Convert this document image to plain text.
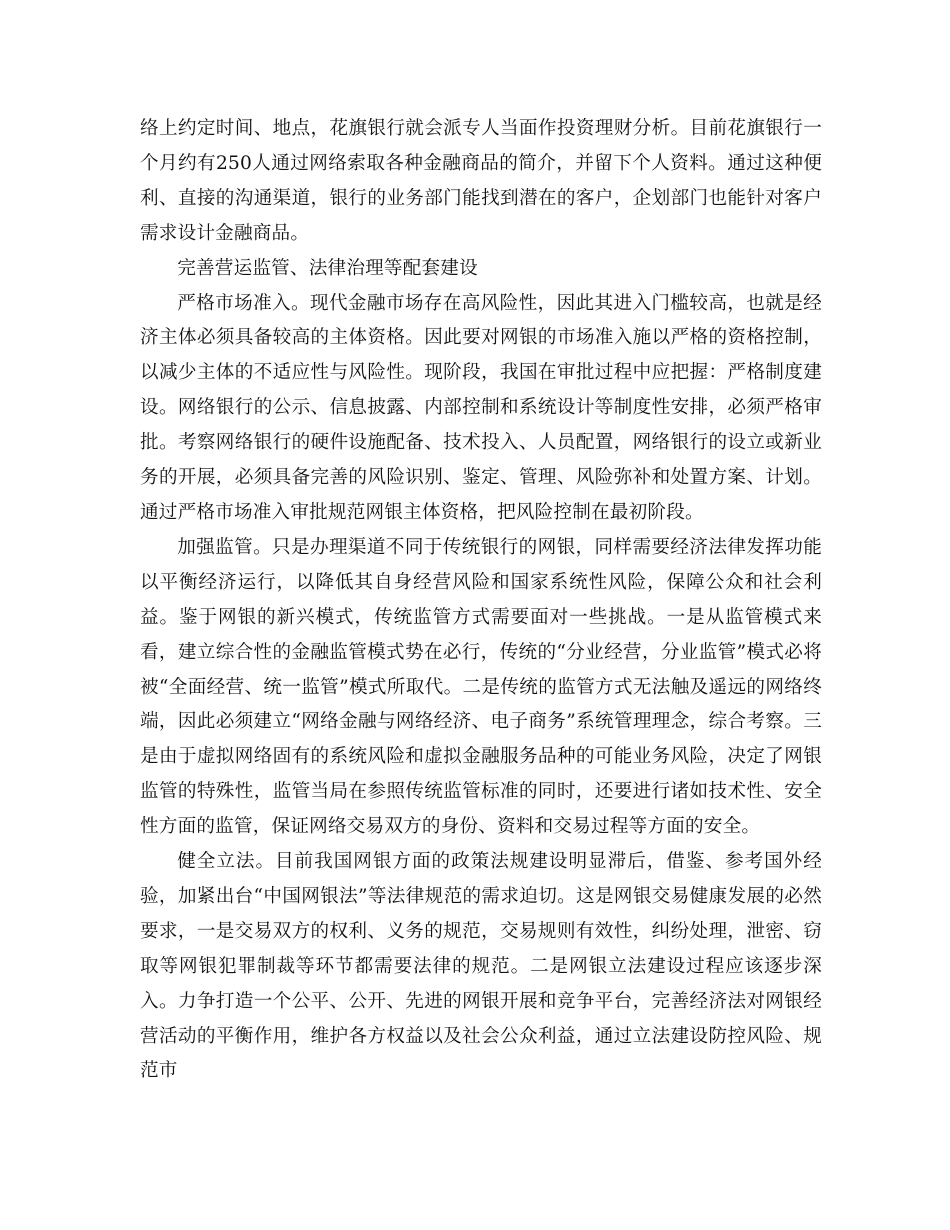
络上约定时间、地点，花旗银行就会派专人当面作投资理财分析。目前花旗银行一个月约有250人通过网络索取各种金融商品的简介，并留下个人资料。通过这种便利、直接的沟通渠道，银行的业务部门能找到潜在的客户，企划部门也能针对客户需求设计金融商品。

完善营运监管、法律治理等配套建设

严格市场准入。现代金融市场存在高风险性，因此其进入门槛较高，也就是经济主体必须具备较高的主体资格。因此要对网银的市场准入施以严格的资格控制，以减少主体的不适应性与风险性。现阶段，我国在审批过程中应把握：严格制度建设。网络银行的公示、信息披露、内部控制和系统设计等制度性安排，必须严格审批。考察网络银行的硬件设施配备、技术投入、人员配置，网络银行的设立或新业务的开展，必须具备完善的风险识别、鉴定、管理、风险弥补和处置方案、计划。通过严格市场准入审批规范网银主体资格，把风险控制在最初阶段。

加强监管。只是办理渠道不同于传统银行的网银，同样需要经济法律发挥功能以平衡经济运行，以降低其自身经营风险和国家系统性风险，保障公众和社会利益。鉴于网银的新兴模式，传统监管方式需要面对一些挑战。一是从监管模式来看，建立综合性的金融监管模式势在必行，传统的“分业经营，分业监管”模式必将被“全面经营、统一监管”模式所取代。二是传统的监管方式无法触及遥远的网络终端，因此必须建立“网络金融与网络经济、电子商务”系统管理理念，综合考察。三是由于虚拟网络固有的系统风险和虚拟金融服务品种的可能业务风险，决定了网银监管的特殊性，监管当局在参照传统监管标准的同时，还要进行诸如技术性、安全性方面的监管，保证网络交易双方的身份、资料和交易过程等方面的安全。

健全立法。目前我国网银方面的政策法规建设明显滞后，借鉴、参考国外经验，加紧出台“中国网银法”等法律规范的需求迫切。这是网银交易健康发展的必然要求，一是交易双方的权利、义务的规范，交易规则有效性，纠纷处理，泄密、窃取等网银犯罪制裁等环节都需要法律的规范。二是网银立法建设过程应该逐步深入。力争打造一个公平、公开、先进的网银开展和竞争平台，完善经济法对网银经营活动的平衡作用，维护各方权益以及社会公众利益，通过立法建设防控风险、规范市
